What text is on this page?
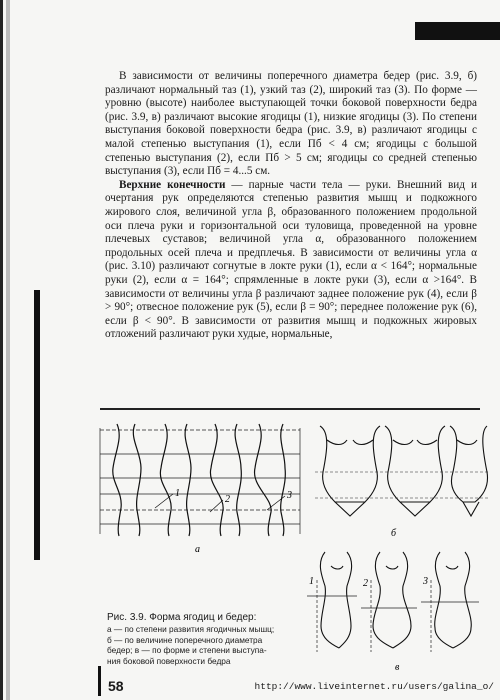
В зависимости от величины поперечного диаметра бедер (рис. 3.9, б) различают нормальный таз (1), узкий таз (2), широкий таз (3). По форме — уровню (высоте) наиболее выступающей точки боковой поверхности бедра (рис. 3.9, в) различают высокие ягодицы (1), низкие ягодицы (3). По степени выступания боковой поверхности бедра (рис. 3.9, в) различают ягодицы с малой степенью выступания (1), если Пб < 4 см; ягодицы с большой степенью выступания (2), если Пб > 5 см; ягодицы со средней степенью выступания (3), если Пб = 4...5 см.

Верхние конечности — парные части тела — руки. Внешний вид и очертания рук определяются степенью развития мышц и подкожного жирового слоя, величиной угла β, образованного положением продольной оси плеча руки и горизонтальной оси туловища, проведенной на уровне плечевых суставов; величиной угла α, образованного положением продольных осей плеча и предплечья. В зависимости от величины угла α (рис. 3.10) различают согнутые в локте руки (1), если α < 164°; нормальные руки (2), если α = 164°; спрямленные в локте руки (3), если α >164°. В зависимости от величины угла β различают заднее положение рук (4), если β > 90°; отвесное положение рук (5), если β = 90°; переднее положение рук (6), если β < 90°. В зависимости от развития мышц и подкожных жировых отложений различают руки худые, нормальные,

1
2	3
а
б
1	2	3
в
Рис. 3.9. Форма ягодиц и бедер:
а — по степени развития ягодичных мышц;
б — по величине поперечного диаметра
бедер; в — по форме и степени выступа-
ния боковой поверхности бедра
58	http://www.liveinternet.ru/users/galina_o/
